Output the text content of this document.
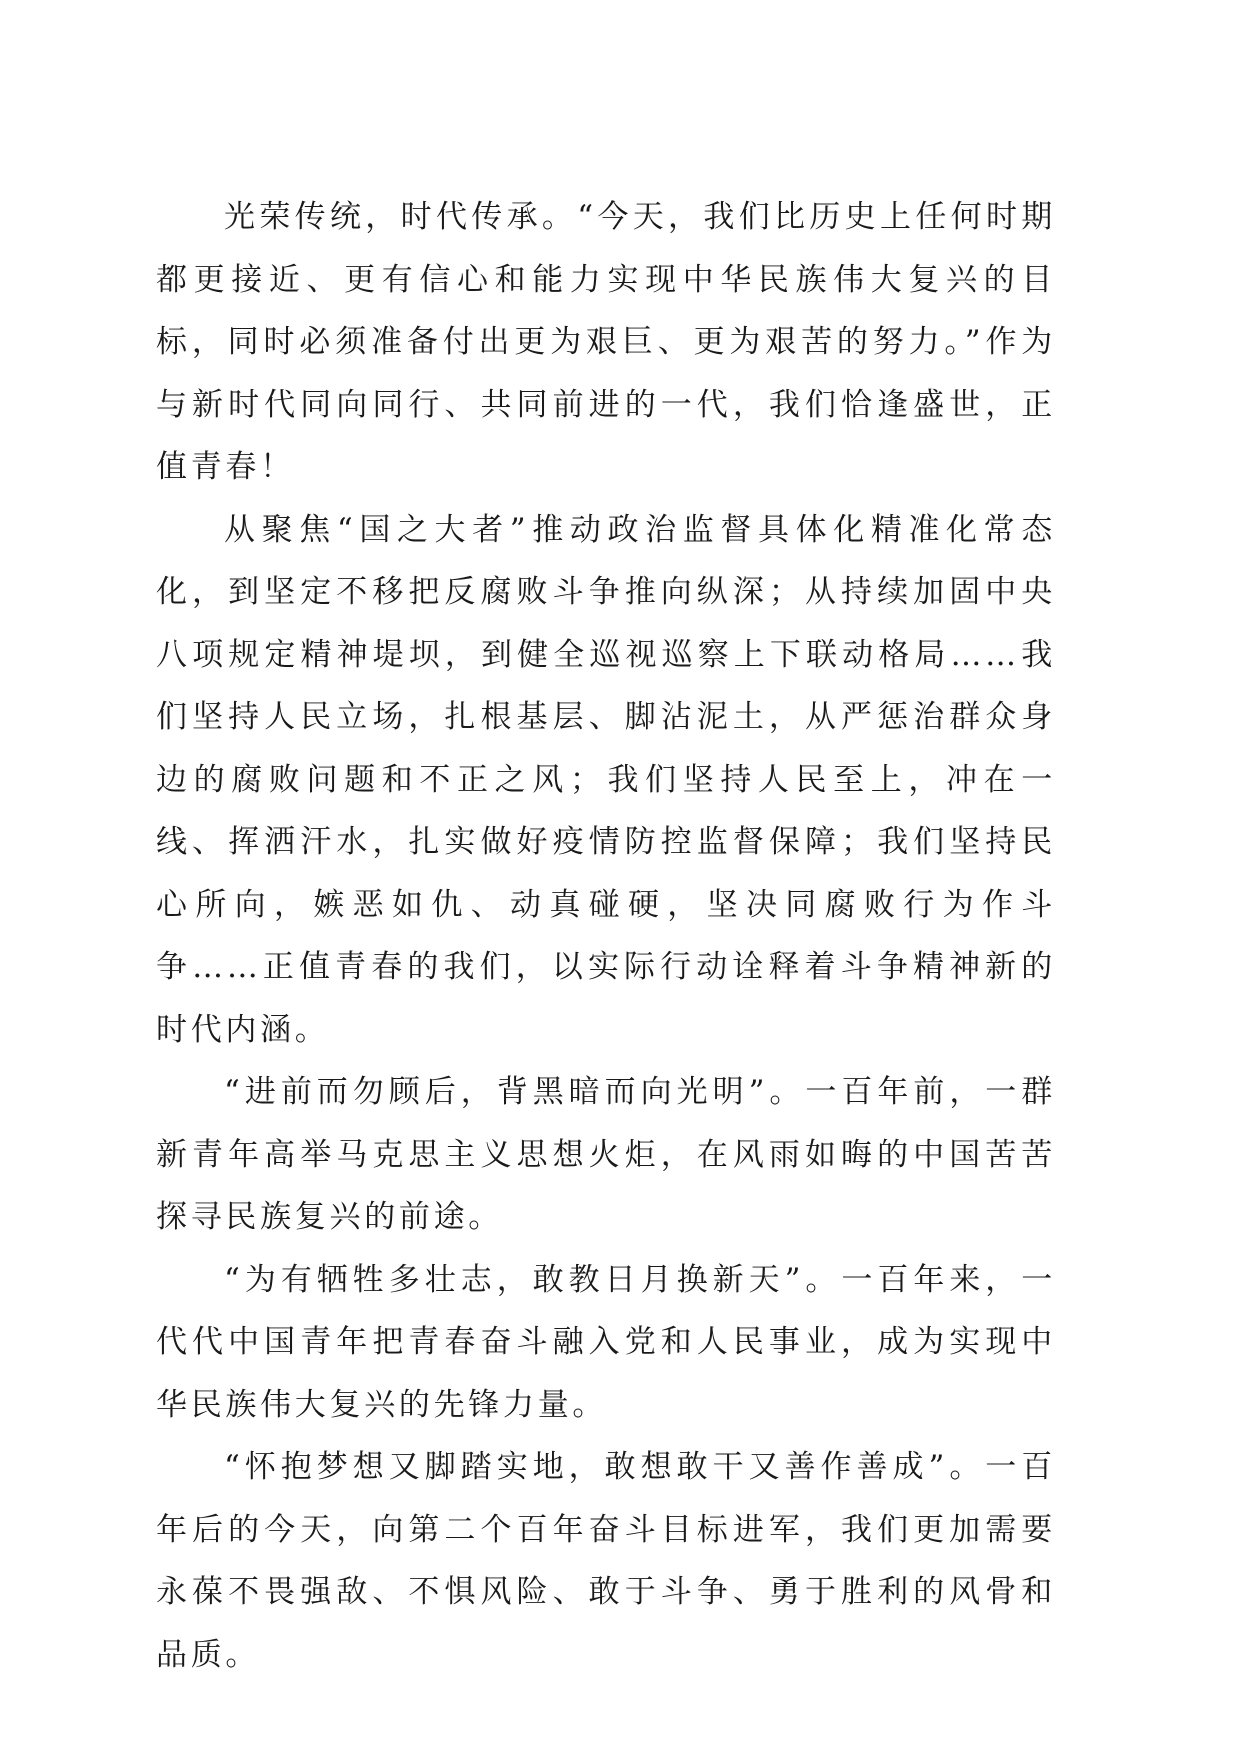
光荣传统，时代传承。“今天，我们比历史上任何时期都更接近、更有信心和能力实现中华民族伟大复兴的目标，同时必须准备付出更为艰巨、更为艰苦的努力。”作为与新时代同向同行、共同前进的一代，我们恰逢盛世，正值青春！

从聚焦“国之大者”推动政治监督具体化精准化常态化，到坚定不移把反腐败斗争推向纵深；从持续加固中央八项规定精神堤坝，到健全巡视巡察上下联动格局……我们坚持人民立场，扎根基层、脚沾泥土，从严惩治群众身边的腐败问题和不正之风；我们坚持人民至上，冲在一线、挥洒汗水，扎实做好疫情防控监督保障；我们坚持民心所向，嫉恶如仇、动真碰硬，坚决同腐败行为作斗争……正值青春的我们，以实际行动诠释着斗争精神新的时代内涵。

“进前而勿顾后，背黑暗而向光明”。一百年前，一群新青年高举马克思主义思想火炬，在风雨如晦的中国苦苦探寻民族复兴的前途。

“为有牺牲多壮志，敢教日月换新天”。一百年来，一代代中国青年把青春奋斗融入党和人民事业，成为实现中华民族伟大复兴的先锋力量。

“怀抱梦想又脚踏实地，敢想敢干又善作善成”。一百年后的今天，向第二个百年奋斗目标进军，我们更加需要永葆不畏强敌、不惧风险、敢于斗争、勇于胜利的风骨和品质。
